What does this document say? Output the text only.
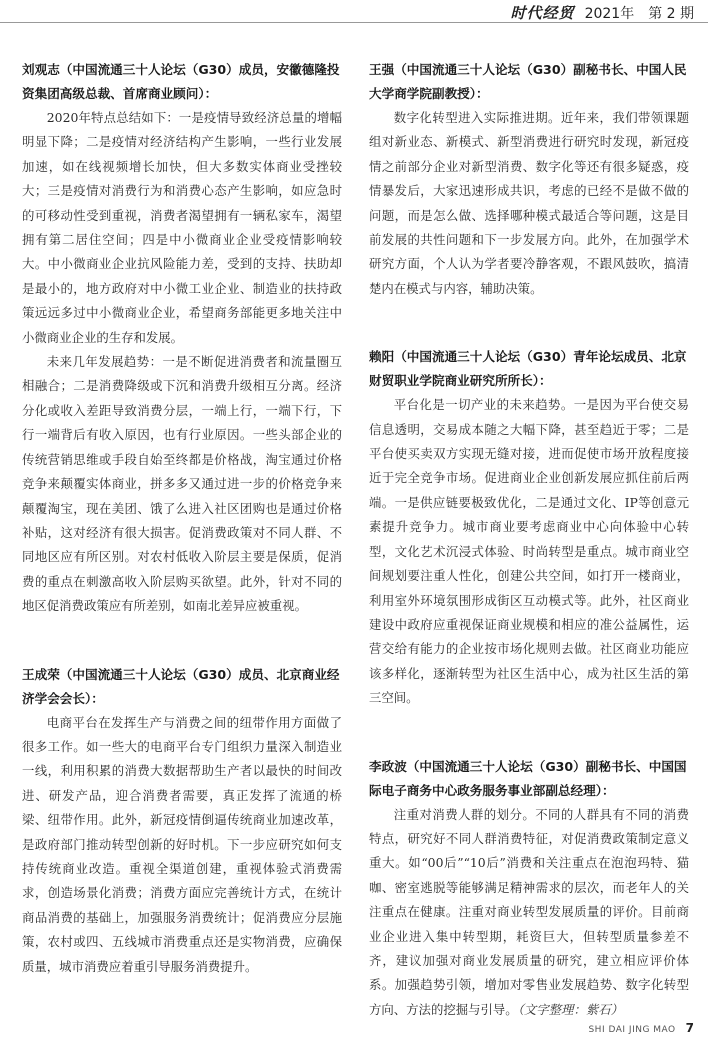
时代经贸 2021年　第 2 期

刘观志（中国流通三十人论坛（G30）成员，安徽德隆投资集团高级总裁、首席商业顾问）：

2020年特点总结如下：一是疫情导致经济总量的增幅明显下降；二是疫情对经济结构产生影响，一些行业发展加速，如在线视频增长加快，但大多数实体商业受挫较大；三是疫情对消费行为和消费心态产生影响，如应急时的可移动性受到重视，消费者渴望拥有一辆私家车，渴望拥有第二居住空间；四是中小微商业企业受疫情影响较大。中小微商业企业抗风险能力差，受到的支持、扶助却是最小的，地方政府对中小微工业企业、制造业的扶持政策远远多过中小微商业企业，希望商务部能更多地关注中小微商业企业的生存和发展。

未来几年发展趋势：一是不断促进消费者和流量圈互相融合；二是消费降级或下沉和消费升级相互分离。经济分化或收入差距导致消费分层，一端上行，一端下行，下行一端背后有收入原因，也有行业原因。一些头部企业的传统营销思维或手段自始至终都是价格战，淘宝通过价格竞争来颠覆实体商业，拼多多又通过进一步的价格竞争来颠覆淘宝，现在美团、饿了么进入社区团购也是通过价格补贴，这对经济有很大损害。促消费政策对不同人群、不同地区应有所区别。对农村低收入阶层主要是保质，促消费的重点在刺激高收入阶层购买欲望。此外，针对不同的地区促消费政策应有所差别，如南北差异应被重视。

王成荣（中国流通三十人论坛（G30）成员、北京商业经济学会会长）：

电商平台在发挥生产与消费之间的纽带作用方面做了很多工作。如一些大的电商平台专门组织力量深入制造业一线，利用积累的消费大数据帮助生产者以最快的时间改进、研发产品，迎合消费者需要，真正发挥了流通的桥梁、纽带作用。此外，新冠疫情倒逼传统商业加速改革，是政府部门推动转型创新的好时机。下一步应研究如何支持传统商业改造。重视全渠道创建，重视体验式消费需求，创造场景化消费；消费方面应完善统计方式，在统计商品消费的基础上，加强服务消费统计；促消费应分层施策，农村或四、五线城市消费重点还是实物消费，应确保质量，城市消费应着重引导服务消费提升。

王强（中国流通三十人论坛（G30）副秘书长、中国人民大学商学院副教授）：

数字化转型进入实际推进期。近年来，我们带领课题组对新业态、新模式、新型消费进行研究时发现，新冠疫情之前部分企业对新型消费、数字化等还有很多疑惑，疫情暴发后，大家迅速形成共识，考虑的已经不是做不做的问题，而是怎么做、选择哪种模式最适合等问题，这是目前发展的共性问题和下一步发展方向。此外，在加强学术研究方面，个人认为学者要冷静客观，不跟风鼓吹，搞清楚内在模式与内容，辅助决策。

赖阳（中国流通三十人论坛（G30）青年论坛成员、北京财贸职业学院商业研究所所长）：

平台化是一切产业的未来趋势。一是因为平台使交易信息透明，交易成本随之大幅下降，甚至趋近于零；二是平台使买卖双方实现无缝对接，进而促使市场开放程度接近于完全竞争市场。促进商业企业创新发展应抓住前后两端。一是供应链要极致优化，二是通过文化、IP等创意元素提升竞争力。城市商业要考虑商业中心向体验中心转型，文化艺术沉浸式体验、时尚转型是重点。城市商业空间规划要注重人性化，创建公共空间，如打开一楼商业，利用室外环境氛围形成街区互动模式等。此外，社区商业建设中政府应重视保证商业规模和相应的准公益属性，运营交给有能力的企业按市场化规则去做。社区商业功能应该多样化，逐渐转型为社区生活中心，成为社区生活的第三空间。

李政波（中国流通三十人论坛（G30）副秘书长、中国国际电子商务中心政务服务事业部副总经理）：

注重对消费人群的划分。不同的人群具有不同的消费特点，研究好不同人群消费特征，对促消费政策制定意义重大。如“00后”“10后”消费和关注重点在泡泡玛特、猫咖、密室逃脱等能够满足精神需求的层次，而老年人的关注重点在健康。注重对商业转型发展质量的评价。目前商业企业进入集中转型期，耗资巨大，但转型质量参差不齐，建议加强对商业发展质量的研究，建立相应评价体系。加强趋势引领，增加对零售业发展趋势、数字化转型方向、方法的挖掘与引导。（文字整理：紫石）

SHI DAI JING MAO 7
